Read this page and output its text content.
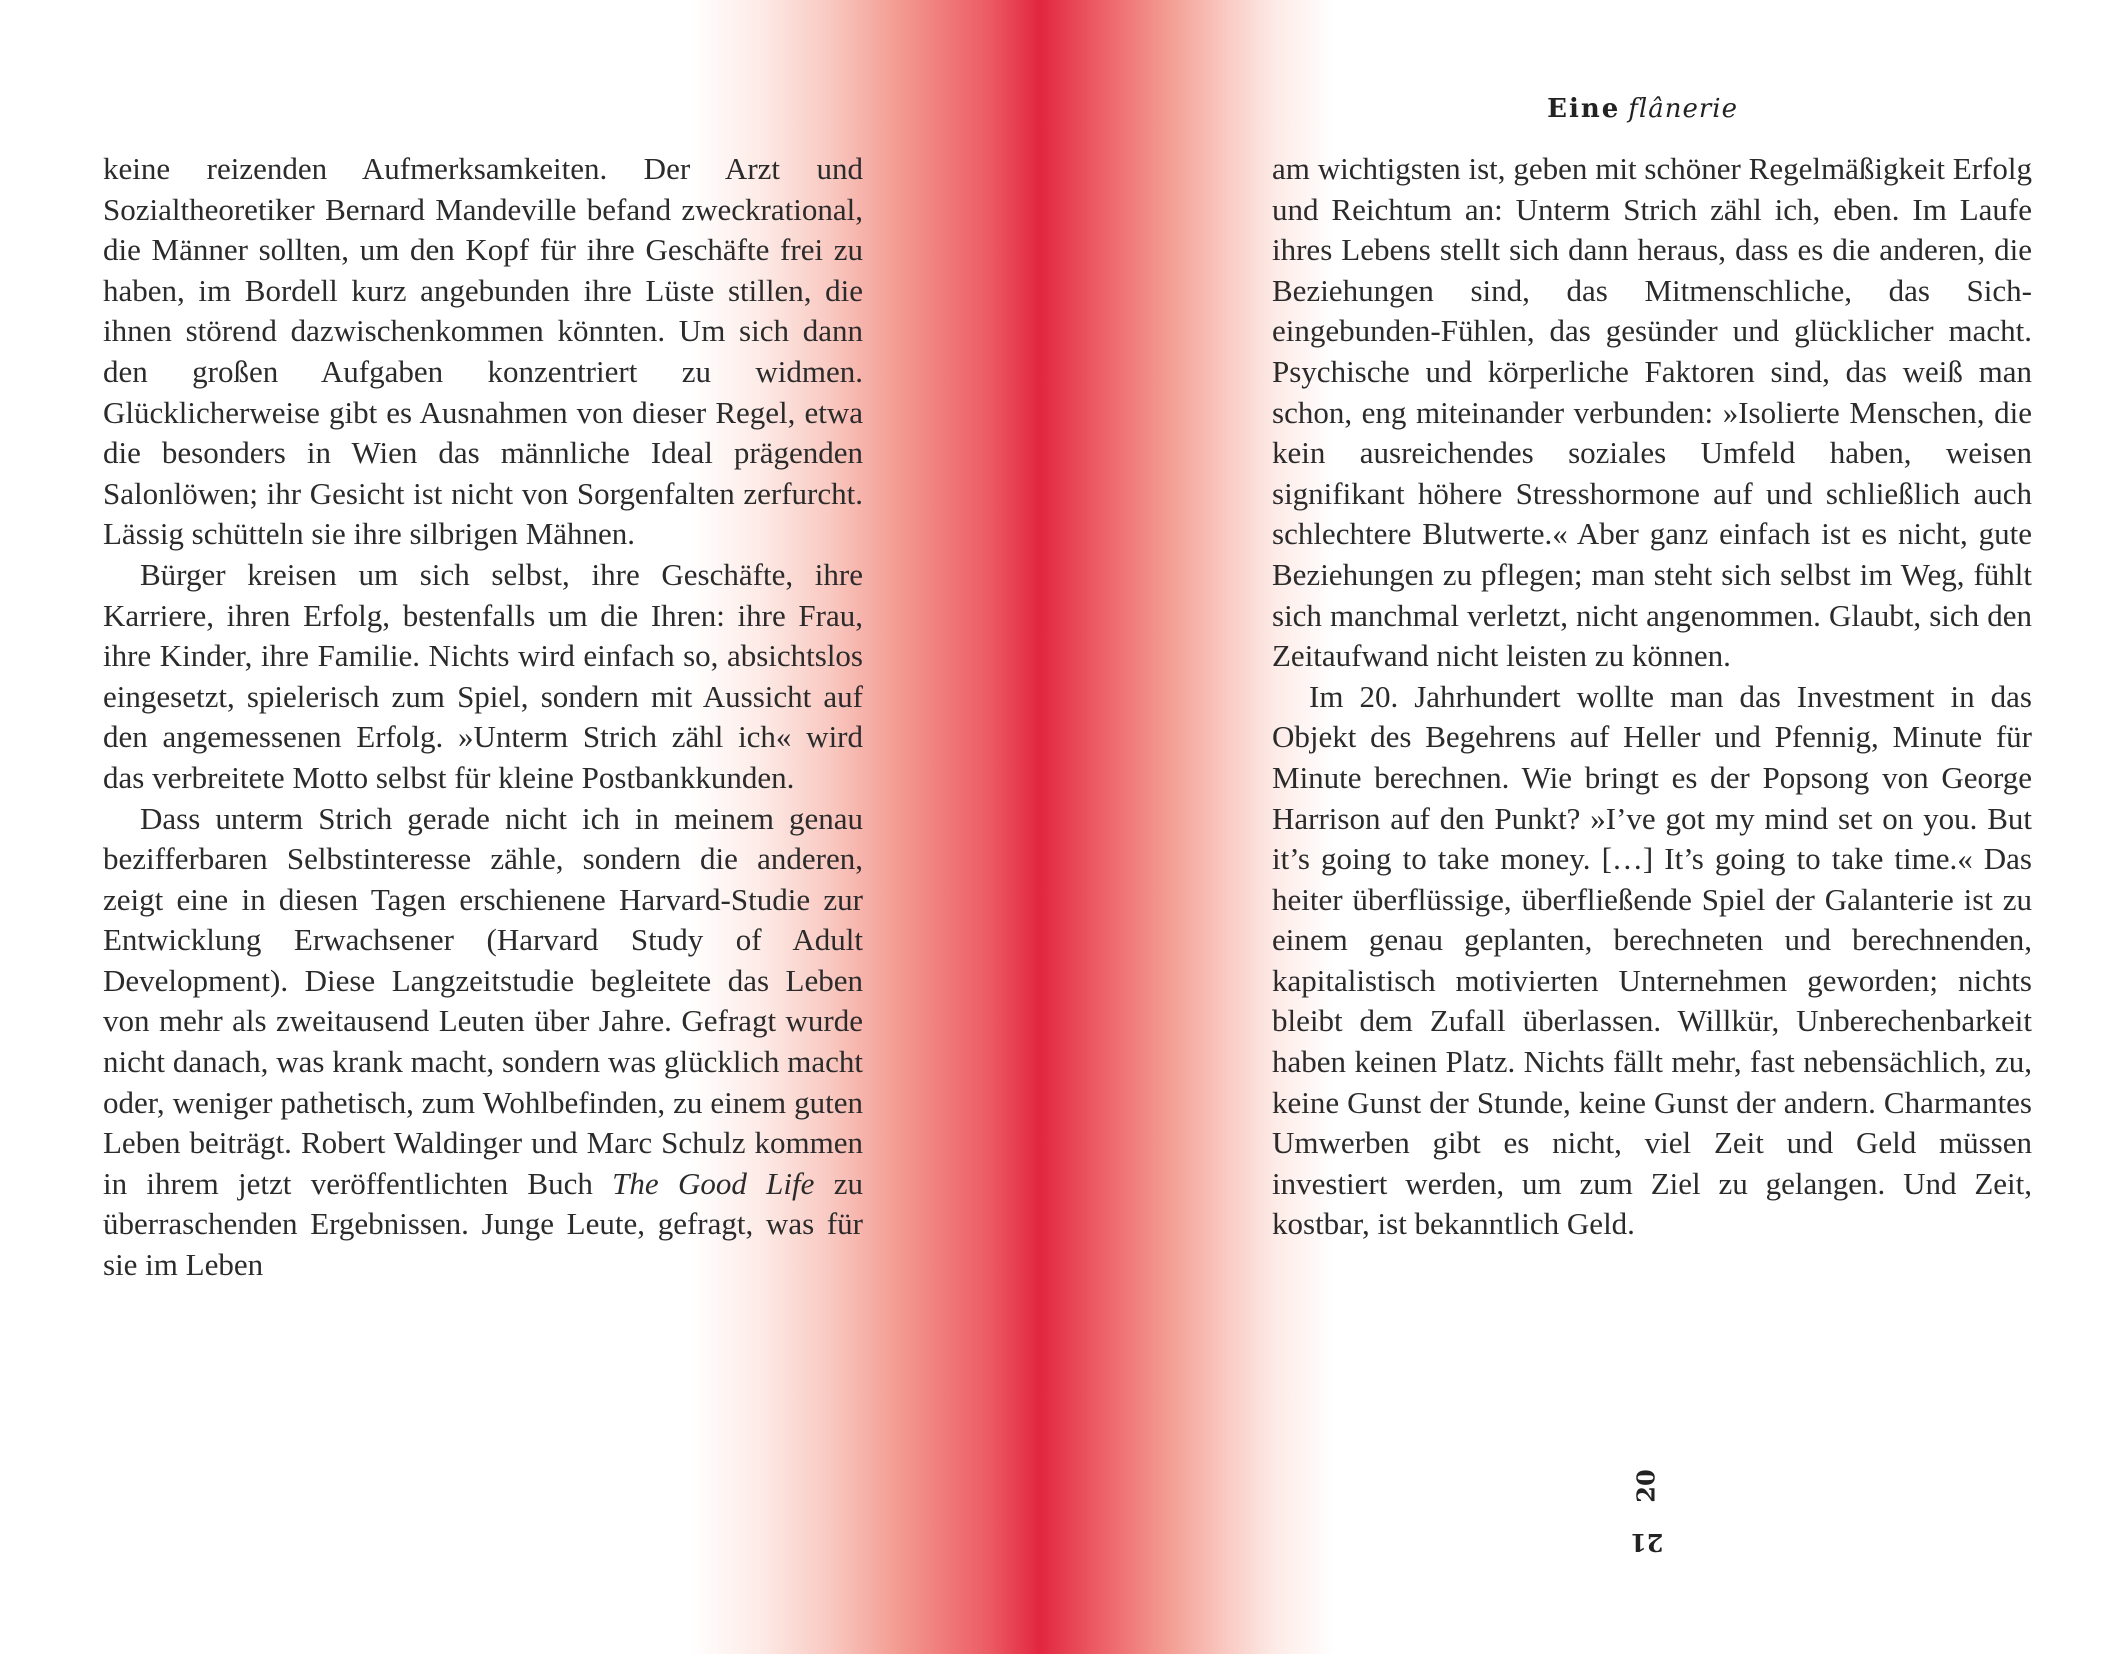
Eine flânerie

keine reizenden Aufmerksamkeiten. Der Arzt und Sozialtheoretiker Bernard Mandeville befand zweckrational, die Männer sollten, um den Kopf für ihre Geschäfte frei zu haben, im Bordell kurz angebunden ihre Lüste stillen, die ihnen störend dazwischenkommen könnten. Um sich dann den großen Aufgaben konzentriert zu widmen. Glücklicherweise gibt es Ausnahmen von dieser Regel, etwa die besonders in Wien das männliche Ideal prägenden Salonlöwen; ihr Gesicht ist nicht von Sorgenfalten zerfurcht. Lässig schütteln sie ihre silbrigen Mähnen.

Bürger kreisen um sich selbst, ihre Geschäfte, ihre Karriere, ihren Erfolg, bestenfalls um die Ihren: ihre Frau, ihre Kinder, ihre Familie. Nichts wird einfach so, absichtslos eingesetzt, spielerisch zum Spiel, sondern mit Aussicht auf den angemessenen Erfolg. »Unterm Strich zähl ich« wird das verbreitete Motto selbst für kleine Postbankkunden.

Dass unterm Strich gerade nicht ich in meinem genau bezifferbaren Selbstinteresse zähle, sondern die anderen, zeigt eine in diesen Tagen erschienene Harvard-Studie zur Entwicklung Erwachsener (Harvard Study of Adult Development). Diese Langzeitstudie begleitete das Leben von mehr als zweitausend Leuten über Jahre. Gefragt wurde nicht danach, was krank macht, sondern was glücklich macht oder, weniger pathetisch, zum Wohlbefinden, zu einem guten Leben beiträgt. Robert Waldinger und Marc Schulz kommen in ihrem jetzt veröffentlichten Buch The Good Life zu überraschenden Ergebnissen. Junge Leute, gefragt, was für sie im Leben

am wichtigsten ist, geben mit schöner Regelmäßigkeit Erfolg und Reichtum an: Unterm Strich zähl ich, eben. Im Laufe ihres Lebens stellt sich dann heraus, dass es die anderen, die Beziehungen sind, das Mitmenschliche, das Sich-eingebunden-Fühlen, das gesünder und glücklicher macht. Psychische und körperliche Faktoren sind, das weiß man schon, eng miteinander verbunden: »Isolierte Menschen, die kein ausreichendes soziales Umfeld haben, weisen signifikant höhere Stresshormone auf und schließlich auch schlechtere Blutwerte.« Aber ganz einfach ist es nicht, gute Beziehungen zu pflegen; man steht sich selbst im Weg, fühlt sich manchmal verletzt, nicht angenommen. Glaubt, sich den Zeitaufwand nicht leisten zu können.

Im 20. Jahrhundert wollte man das Investment in das Objekt des Begehrens auf Heller und Pfennig, Minute für Minute berechnen. Wie bringt es der Popsong von George Harrison auf den Punkt? »I’ve got my mind set on you. But it’s going to take money. […] It’s going to take time.« Das heiter überflüssige, überfließende Spiel der Galanterie ist zu einem genau geplanten, berechneten und berechnenden, kapitalistisch motivierten Unternehmen geworden; nichts bleibt dem Zufall überlassen. Willkür, Unberechenbarkeit haben keinen Platz. Nichts fällt mehr, fast nebensächlich, zu, keine Gunst der Stunde, keine Gunst der andern. Charmantes Umwerben gibt es nicht, viel Zeit und Geld müssen investiert werden, um zum Ziel zu gelangen. Und Zeit, kostbar, ist bekanntlich Geld.

20
21
